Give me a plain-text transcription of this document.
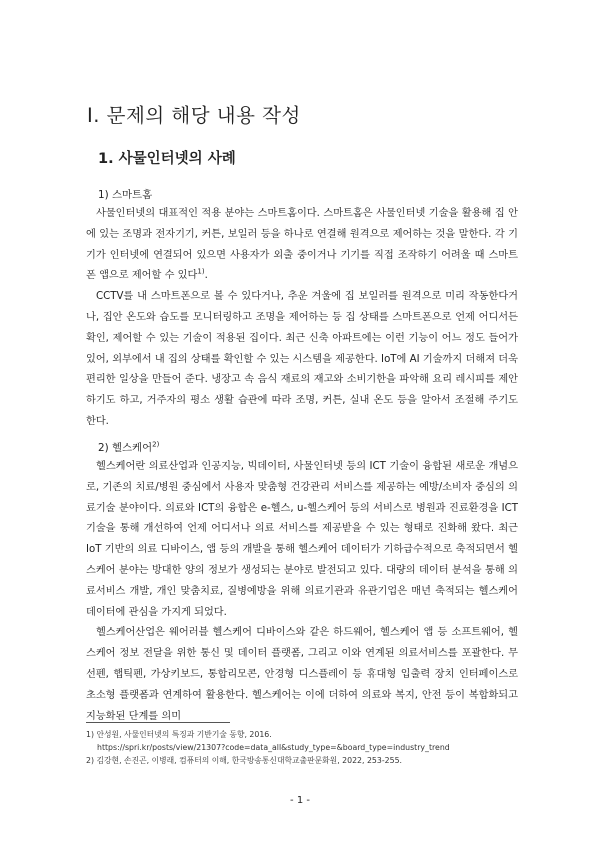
I. 문제의 해당 내용 작성
1. 사물인터넷의 사례
1) 스마트홈

사물인터넷의 대표적인 적용 분야는 스마트홈이다. 스마트홈은 사물인터넷 기술을 활용해 집 안에 있는 조명과 전자기기, 커튼, 보일러 등을 하나로 연결해 원격으로 제어하는 것을 말한다. 각 기기가 인터넷에 연결되어 있으면 사용자가 외출 중이거나 기기를 직접 조작하기 어려울 때 스마트폰 앱으로 제어할 수 있다$^{1)}$.

CCTV를 내 스마트폰으로 볼 수 있다거나, 추운 겨울에 집 보일러를 원격으로 미리 작동한다거나, 집안 온도와 습도를 모니터링하고 조명을 제어하는 등 집 상태를 스마트폰으로 언제 어디서든 확인, 제어할 수 있는 기술이 적용된 집이다. 최근 신축 아파트에는 이런 기능이 어느 정도 들어가 있어, 외부에서 내 집의 상태를 확인할 수 있는 시스템을 제공한다. IoT에 AI 기술까지 더해져 더욱 편리한 일상을 만들어 준다. 냉장고 속 음식 재료의 재고와 소비기한을 파악해 요리 레시피를 제안하기도 하고, 거주자의 평소 생활 습관에 따라 조명, 커튼, 실내 온도 등을 알아서 조절해 주기도 한다.

2) 헬스케어$^{2)}$

헬스케어란 의료산업과 인공지능, 빅데이터, 사물인터넷 등의 ICT 기술이 융합된 새로운 개념으로, 기존의 치료/병원 중심에서 사용자 맞춤형 건강관리 서비스를 제공하는 예방/소비자 중심의 의료기술 분야이다. 의료와 ICT의 융합은 e-헬스, u-헬스케어 등의 서비스로 병원과 진료환경을 ICT 기술을 통해 개선하여 언제 어디서나 의료 서비스를 제공받을 수 있는 형태로 진화해 왔다. 최근 IoT 기반의 의료 디바이스, 앱 등의 개발을 통해 헬스케어 데이터가 기하급수적으로 축적되면서 헬스케어 분야는 방대한 양의 정보가 생성되는 분야로 발전되고 있다. 대량의 데이터 분석을 통해 의료서비스 개발, 개인 맞춤치료, 질병예방을 위해 의료기관과 유관기업은 매년 축적되는 헬스케어 데이터에 관심을 가지게 되었다.

헬스케어산업은 웨어러블 헬스케어 디바이스와 같은 하드웨어, 헬스케어 앱 등 소프트웨어, 헬스케어 정보 전달을 위한 통신 및 데이터 플랫폼, 그리고 이와 연계된 의료서비스를 포괄한다. 무선펜, 햅틱펜, 가상키보드, 통합리모콘, 안경형 디스플레이 등 휴대형 입출력 장치 인터페이스로 초소형 플랫폼과 연계하여 활용한다. 헬스케어는 이에 더하여 의료와 복지, 안전 등이 복합화되고 지능화된 단계를 의미

1) 안성원, 사물인터넷의 특징과 기반기술 동향, 2016.
https://spri.kr/posts/view/21307?code=data_all&study_type=&board_type=industry_trend
2) 김강현, 손진곤, 이병래, 컴퓨터의 이해, 한국방송통신대학교출판문화원, 2022, 253-255.
- 1 -
